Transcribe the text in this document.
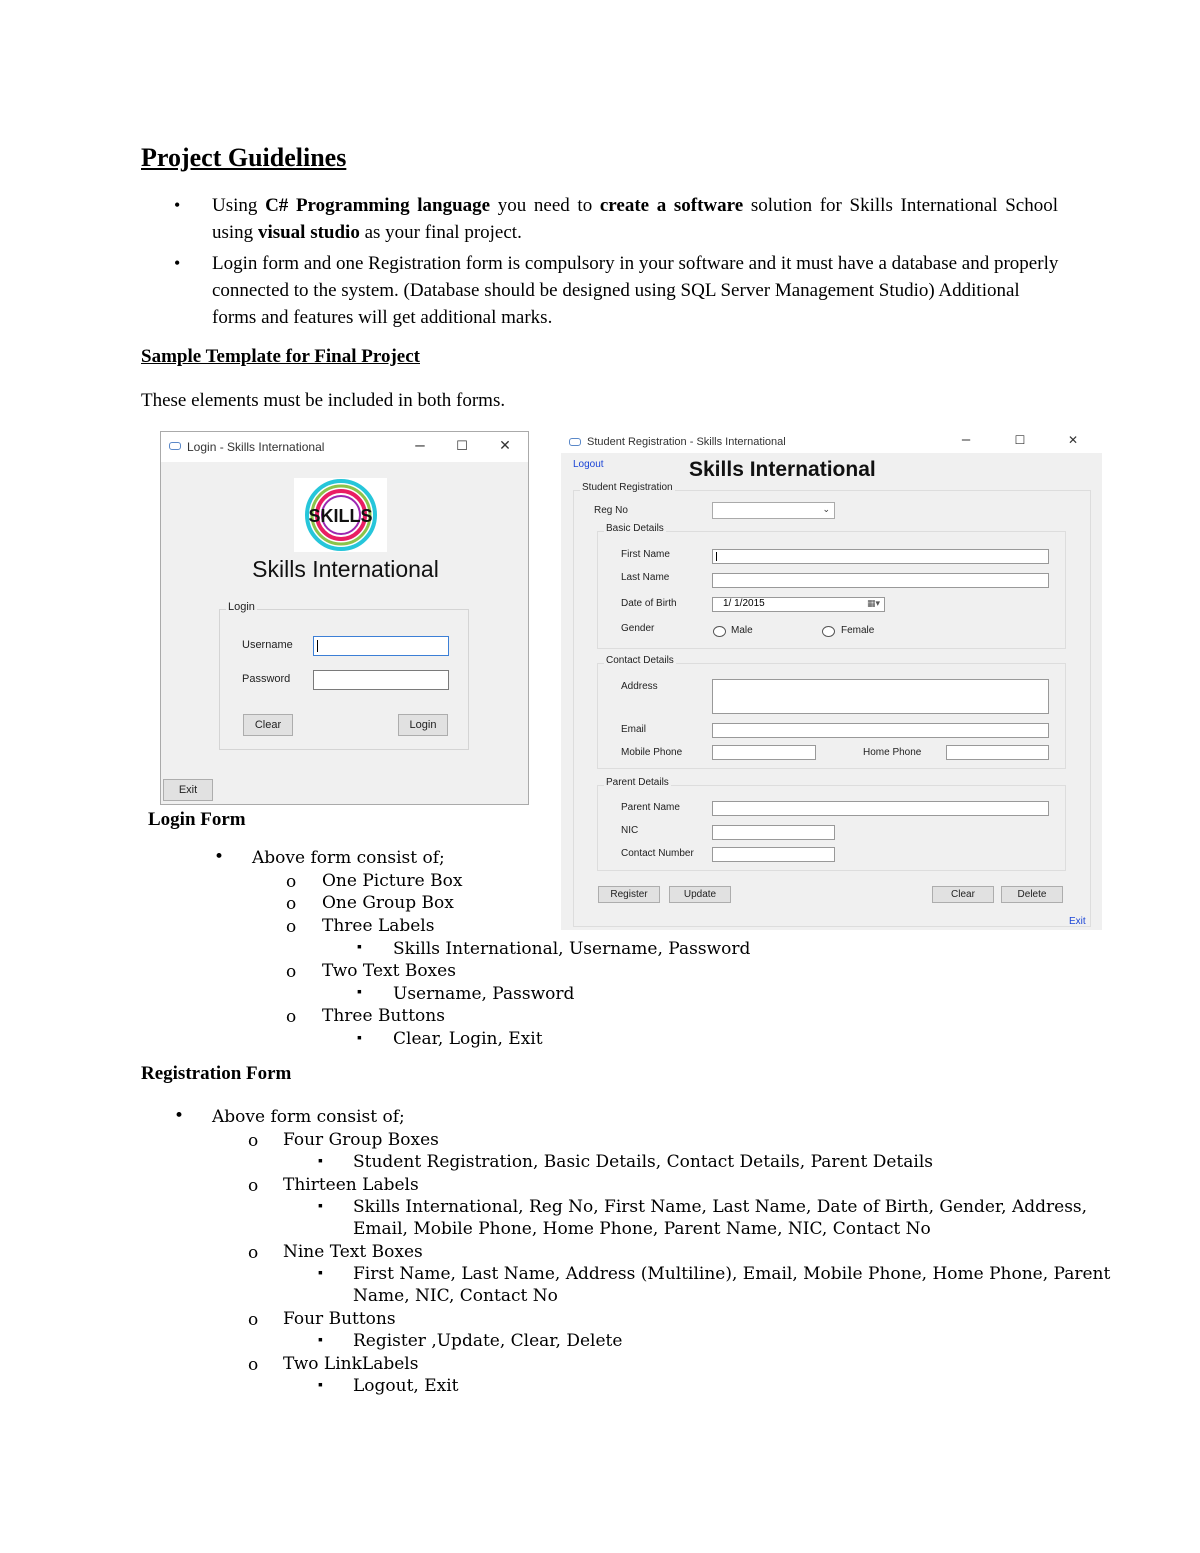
Project Guidelines
• Using C# Programming language you need to create a software solution for Skills International School using visual studio as your final project.
• Login form and one Registration form is compulsory in your software and it must have a database and properly connected to the system. (Database should be designed using SQL Server Management Studio) Additional forms and features will get additional marks.
Sample Template for Final Project
These elements must be included in both forms.
Login - Skills International	–	☐	✕
SKILLS
Skills International
Login
Username
Password
Clear	Login
Exit
Student Registration - Skills International	–	☐	✕
Logout	Skills International
Student Registration
Reg No	⌄
Basic Details
First Name
Last Name
Date of Birth	1/ 1/2015	▦▾
Gender	Male	Female
Contact Details
Address
Email
Mobile Phone	Home Phone
Parent Details
Parent Name
NIC
Contact Number
Register	Update	Clear	Delete
Exit
Login Form
• Above form consist of;
o One Picture Box
o One Group Box
o Three Labels
▪ Skills International, Username, Password
o Two Text Boxes
▪ Username, Password
o Three Buttons
▪ Clear, Login, Exit
Registration Form
• Above form consist of;
o Four Group Boxes
▪ Student Registration, Basic Details, Contact Details, Parent Details
o Thirteen Labels
▪ Skills International, Reg No, First Name, Last Name, Date of Birth, Gender, Address,
Email, Mobile Phone, Home Phone, Parent Name, NIC, Contact No
o Nine Text Boxes
▪ First Name, Last Name, Address (Multiline), Email, Mobile Phone, Home Phone, Parent
Name, NIC, Contact No
o Four Buttons
▪ Register ,Update, Clear, Delete
o Two LinkLabels
▪ Logout, Exit
